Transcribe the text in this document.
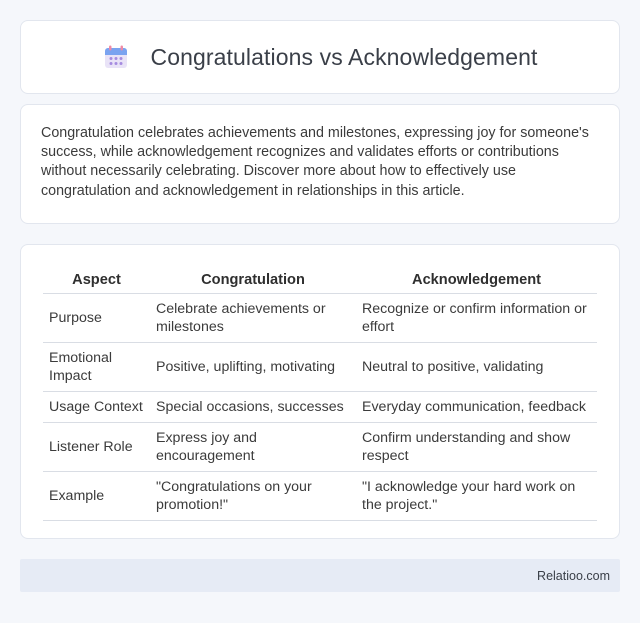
Congratulations vs Acknowledgement

Congratulation celebrates achievements and milestones, expressing joy for someone's success, while acknowledgement recognizes and validates efforts or contributions without necessarily celebrating. Discover more about how to effectively use congratulation and acknowledgement in relationships in this article.

Aspect	Congratulation	Acknowledgement
Purpose	Celebrate achievements or milestones	Recognize or confirm information or effort
Emotional Impact	Positive, uplifting, motivating	Neutral to positive, validating
Usage Context	Special occasions, successes	Everyday communication, feedback
Listener Role	Express joy and encouragement	Confirm understanding and show respect
Example	"Congratulations on your promotion!"	"I acknowledge your hard work on the project."
Relatioo.com
